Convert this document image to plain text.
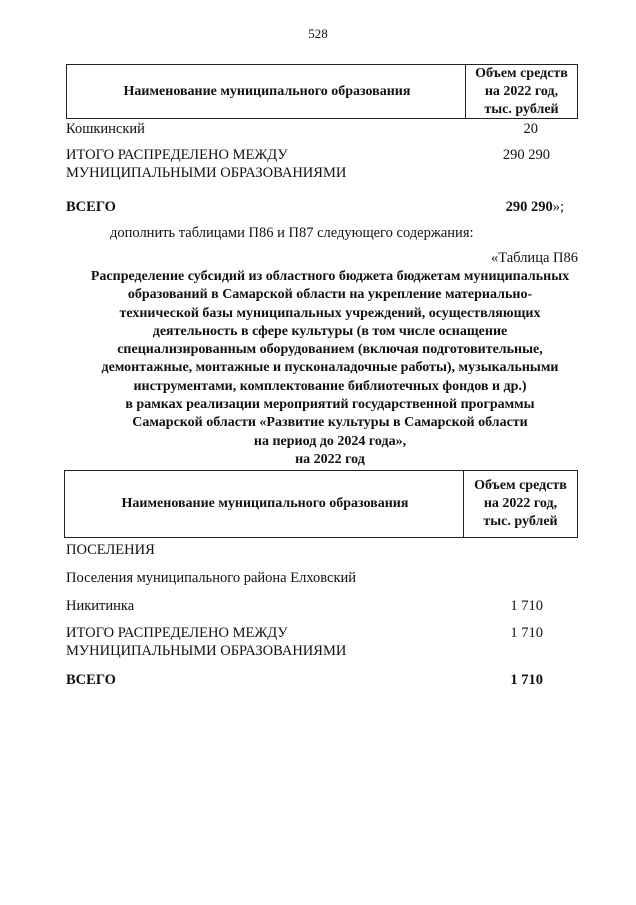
528
Наименование муниципального образования
Объем средств
на 2022 год,
тыс. рублей
Кошкинский	20
ИТОГО РАСПРЕДЕЛЕНО МЕЖДУ
МУНИЦИПАЛЬНЫМИ ОБРАЗОВАНИЯМИ
290 290
ВСЕГО	290 290»;
дополнить таблицами П86 и П87 следующего содержания:
«Таблица П86
Распределение субсидий из областного бюджета бюджетам муниципальных
образований в Самарской области на укрепление материально-
технической базы муниципальных учреждений, осуществляющих
деятельность в сфере культуры (в том числе оснащение
специализированным оборудованием (включая подготовительные,
демонтажные, монтажные и пусконаладочные работы), музыкальными
инструментами, комплектование библиотечных фондов и др.)
в рамках реализации мероприятий государственной программы
Самарской области «Развитие культуры в Самарской области
на период до 2024 года»,
на 2022 год
Наименование муниципального образования
Объем средств
на 2022 год,
тыс. рублей
ПОСЕЛЕНИЯ
Поселения муниципального района Елховский
Никитинка	1 710
ИТОГО РАСПРЕДЕЛЕНО МЕЖДУ
МУНИЦИПАЛЬНЫМИ ОБРАЗОВАНИЯМИ
1 710
ВСЕГО	1 710
